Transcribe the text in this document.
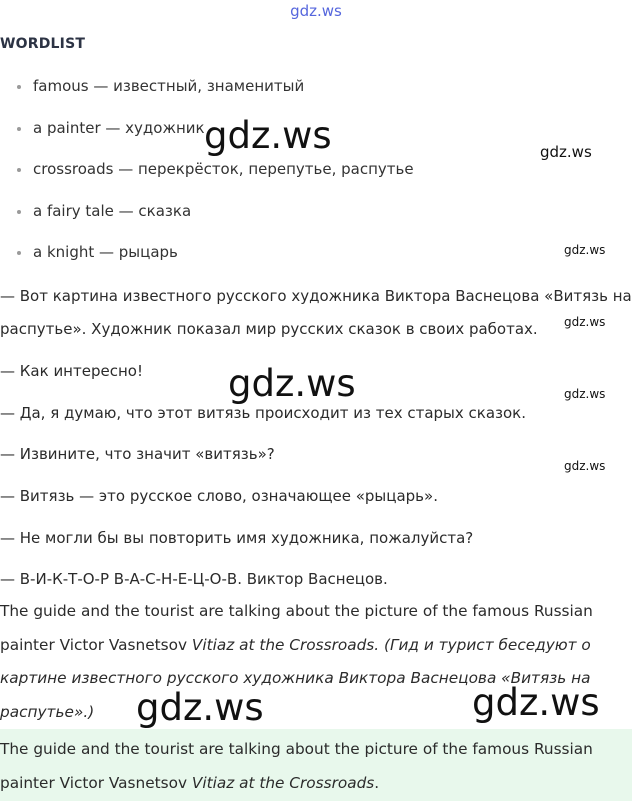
gdz.ws
WORDLIST
famous — известный, знаменитый
a painter — художник
crossroads — перекрёсток, перепутье, распутье
a fairy tale — сказка
a knight — рыцарь
— Вот картина известного русского художника Виктора Васнецова «Витязь на
распутье». Художник показал мир русских сказок в своих работах.
— Как интересно!
— Да, я думаю, что этот витязь происходит из тех старых сказок.
— Извините, что значит «витязь»?
— Витязь — это русское слово, означающее «рыцарь».
— Не могли бы вы повторить имя художника, пожалуйста?
— В-И-К-Т-О-Р В-А-С-Н-Е-Ц-О-В. Виктор Васнецов.
The guide and the tourist are talking about the picture of the famous Russian painter Victor Vasnetsov Vitiaz at the Crossroads. (Гид и турист беседуют о картине известного русского художника Виктора Васнецова «Витязь на распутье».)
The guide and the tourist are talking about the picture of the famous Russian painter Victor Vasnetsov Vitiaz at the Crossroads.
gdz.ws	gdz.ws
gdz.ws
gdz.ws
gdz.ws	gdz.ws
gdz.ws
gdz.ws	gdz.ws
